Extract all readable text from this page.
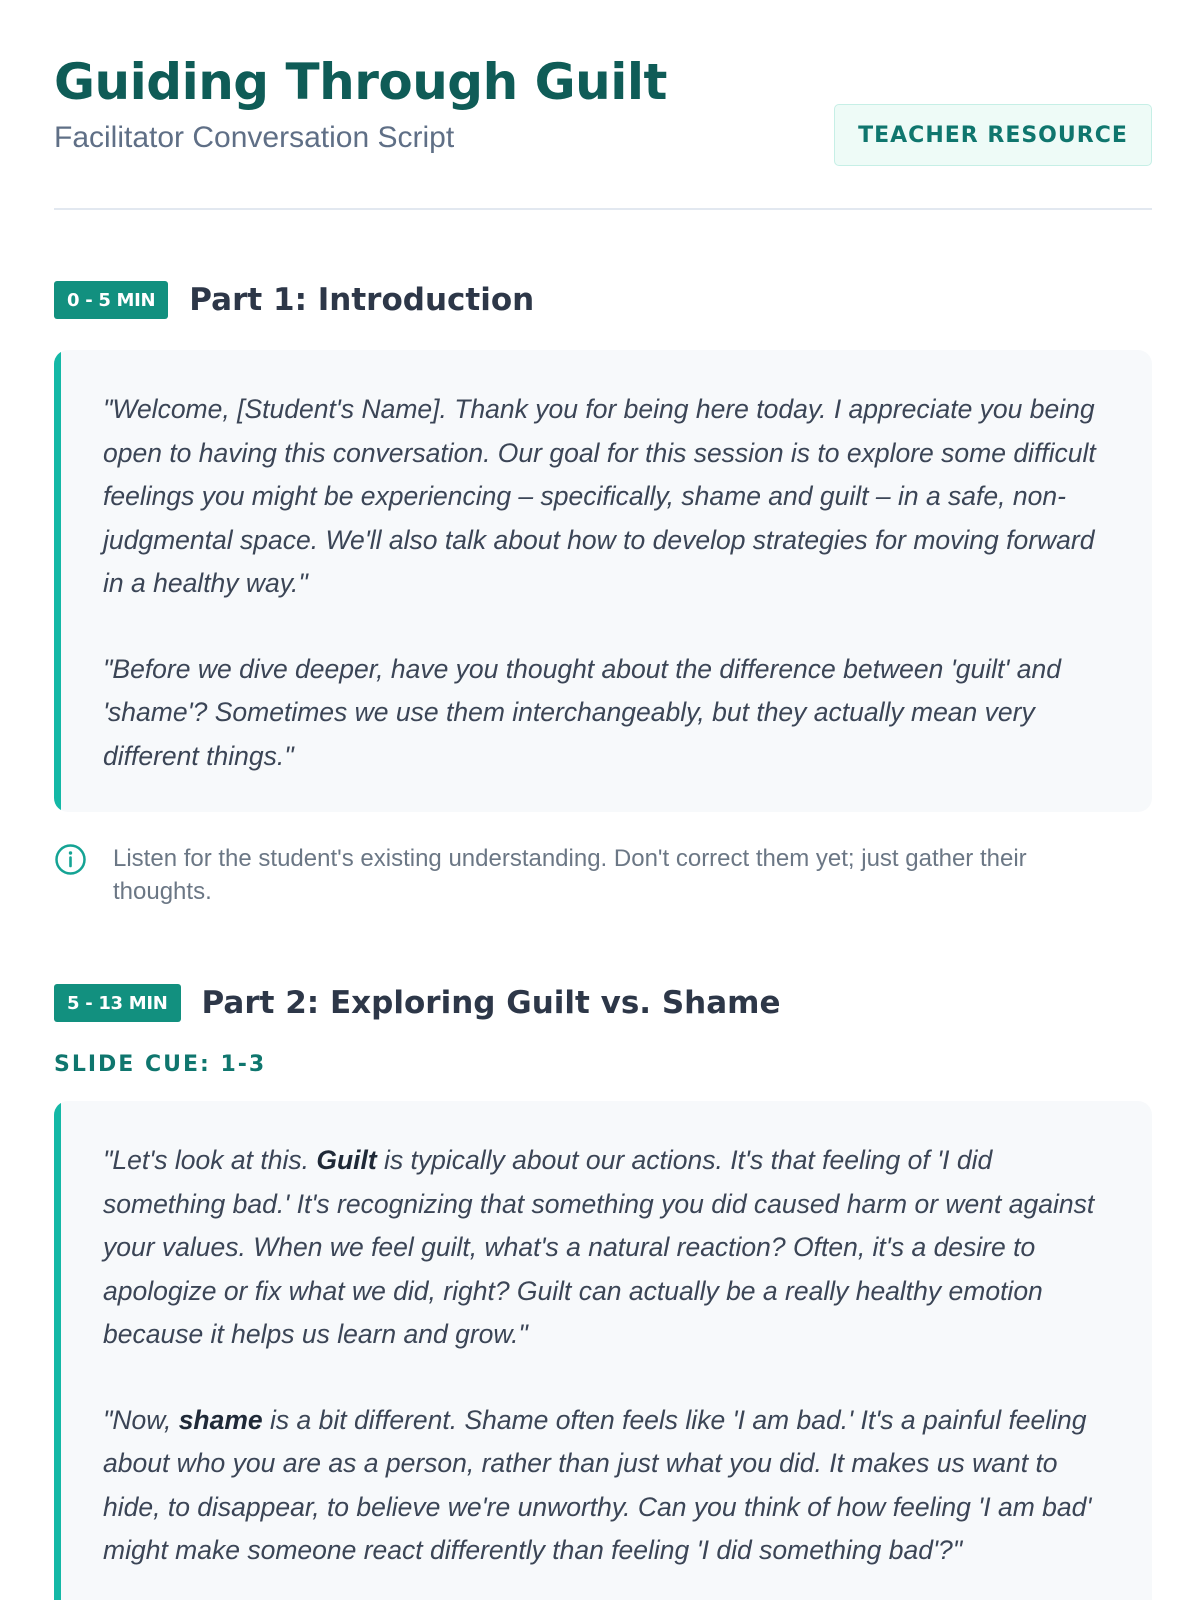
Guiding Through Guilt
Facilitator Conversation Script	TEACHER RESOURCE
0 - 5 MIN	Part 1: Introduction

"Welcome, [Student's Name]. Thank you for being here today. I appreciate you being open to having this conversation. Our goal for this session is to explore some difficult feelings you might be experiencing – specifically, shame and guilt – in a safe, non-judgmental space. We'll also talk about how to develop strategies for moving forward in a healthy way."

"Before we dive deeper, have you thought about the difference between 'guilt' and 'shame'? Sometimes we use them interchangeably, but they actually mean very different things."

Listen for the student's existing understanding. Don't correct them yet; just gather their thoughts.

5 - 13 MIN	Part 2: Exploring Guilt vs. Shame
SLIDE CUE: 1-3

"Let's look at this. Guilt is typically about our actions. It's that feeling of 'I did something bad.' It's recognizing that something you did caused harm or went against your values. When we feel guilt, what's a natural reaction? Often, it's a desire to apologize or fix what we did, right? Guilt can actually be a really healthy emotion because it helps us learn and grow."

"Now, shame is a bit different. Shame often feels like 'I am bad.' It's a painful feeling about who you are as a person, rather than just what you did. It makes us want to hide, to disappear, to believe we're unworthy. Can you think of how feeling 'I am bad' might make someone react differently than feeling 'I did something bad'?"
